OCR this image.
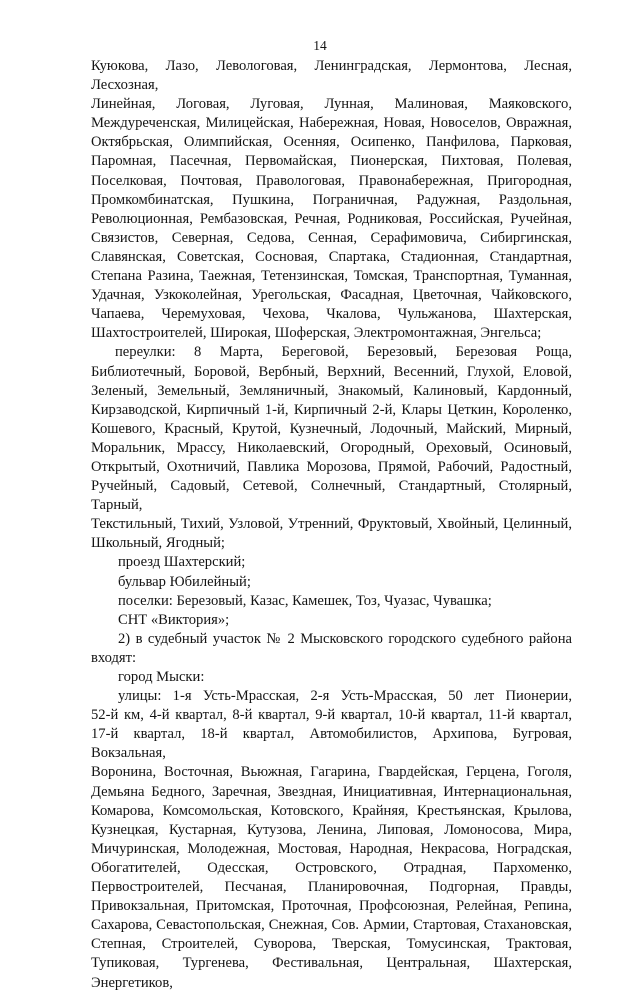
14
Куюкова, Лазо, Левологовая, Ленинградская, Лермонтова, Лесная, Лесхозная,
Линейная, Логовая, Луговая, Лунная, Малиновая, Маяковского,
Междуреченская, Милицейская, Набережная, Новая, Новоселов, Овражная,
Октябрьская, Олимпийская, Осенняя, Осипенко, Панфилова, Парковая,
Паромная, Пасечная, Первомайская, Пионерская, Пихтовая, Полевая,
Поселковая, Почтовая, Правологовая, Правонабережная, Пригородная,
Промкомбинатская, Пушкина, Пограничная, Радужная, Раздольная,
Революционная, Рембазовская, Речная, Родниковая, Российская, Ручейная,
Связистов, Северная, Седова, Сенная, Серафимовича, Сибиргинская,
Славянская, Советская, Сосновая, Спартака, Стадионная, Стандартная,
Степана Разина, Таежная, Тетензинская, Томская, Транспортная, Туманная,
Удачная, Узкоколейная, Урегольская, Фасадная, Цветочная, Чайковского,
Чапаева, Черемуховая, Чехова, Чкалова, Чульжанова, Шахтерская,
Шахтостроителей, Широкая, Шоферская, Электромонтажная, Энгельса;
переулки: 8 Марта, Береговой, Березовый, Березовая Роща,
Библиотечный, Боровой, Вербный, Верхний, Весенний, Глухой, Еловой,
Зеленый, Земельный, Земляничный, Знакомый, Калиновый, Кардонный,
Кирзаводской, Кирпичный 1-й, Кирпичный 2-й, Клары Цеткин, Короленко,
Кошевого, Красный, Крутой, Кузнечный, Лодочный, Майский, Мирный,
Моральник, Мрассу, Николаевский, Огородный, Ореховый, Осиновый,
Открытый, Охотничий, Павлика Морозова, Прямой, Рабочий, Радостный,
Ручейный, Садовый, Сетевой, Солнечный, Стандартный, Столярный, Тарный,
Текстильный, Тихий, Узловой, Утренний, Фруктовый, Хвойный, Целинный,
Школьный, Ягодный;
проезд Шахтерский;
бульвар Юбилейный;
поселки: Березовый, Казас, Камешек, Тоз, Чуазас, Чувашка;
СНТ «Виктория»;
2) в судебный участок № 2 Мысковского городского судебного района
входят:
город Мыски:
улицы: 1-я Усть-Мрасская, 2-я Усть-Мрасская, 50 лет Пионерии,
52-й км, 4-й квартал, 8-й квартал, 9-й квартал, 10-й квартал, 11-й квартал,
17-й квартал, 18-й квартал, Автомобилистов, Архипова, Бугровая, Вокзальная,
Воронина, Восточная, Вьюжная, Гагарина, Гвардейская, Герцена, Гоголя,
Демьяна Бедного, Заречная, Звездная, Инициативная, Интернациональная,
Комарова, Комсомольская, Котовского, Крайняя, Крестьянская, Крылова,
Кузнецкая, Кустарная, Кутузова, Ленина, Липовая, Ломоносова, Мира,
Мичуринская, Молодежная, Мостовая, Народная, Некрасова, Ноградская,
Обогатителей, Одесская, Островского, Отрадная, Пархоменко,
Первостроителей, Песчаная, Планировочная, Подгорная, Правды,
Привокзальная, Притомская, Проточная, Профсоюзная, Релейная, Репина,
Сахарова, Севастопольская, Снежная, Сов. Армии, Стартовая, Стахановская,
Степная, Строителей, Суворова, Тверская, Томусинская, Трактовая,
Тупиковая, Тургенева, Фестивальная, Центральная, Шахтерская, Энергетиков,
